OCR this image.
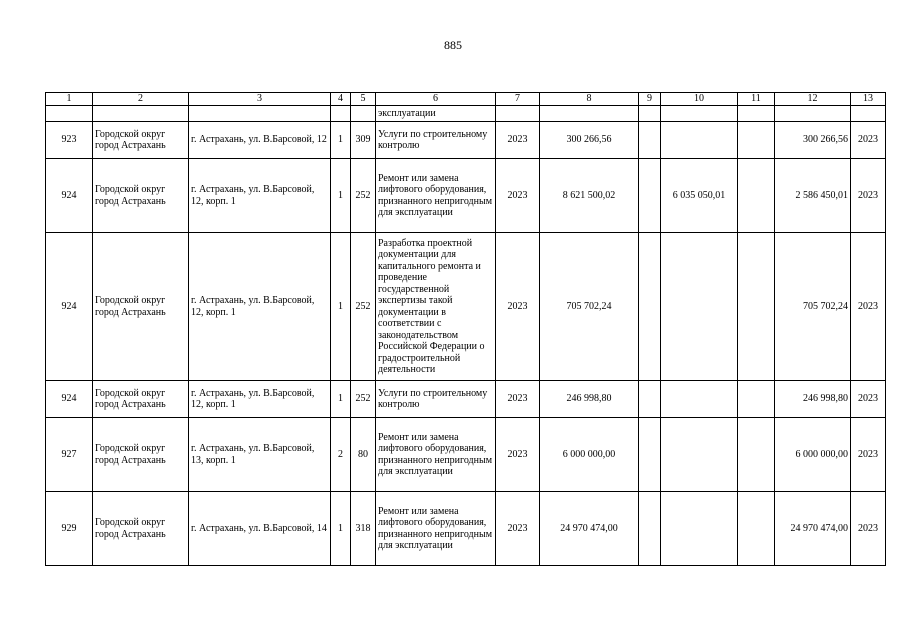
885
1	2	3	4	5	6	7	8	9	10	11	12	13
					эксплуатации							
923	Городской округ город Астрахань	г. Астрахань, ул. В.Барсовой, 12	1	309	Услуги по строительному контролю	2023	300 266,56				300 266,56	2023
924	Городской округ город Астрахань	г. Астрахань, ул. В.Барсовой, 12, корп. 1	1	252	Ремонт или замена лифтового оборудования, признанного непригодным для эксплуатации	2023	8 621 500,02		6 035 050,01		2 586 450,01	2023
924	Городской округ город Астрахань	г. Астрахань, ул. В.Барсовой, 12, корп. 1	1	252	Разработка проектной документации для капитального ремонта и проведение государственной экспертизы такой документации в соответствии с законодательством Российской Федерации о градостроительной деятельности	2023	705 702,24				705 702,24	2023
924	Городской округ город Астрахань	г. Астрахань, ул. В.Барсовой, 12, корп. 1	1	252	Услуги по строительному контролю	2023	246 998,80				246 998,80	2023
927	Городской округ город Астрахань	г. Астрахань, ул. В.Барсовой, 13, корп. 1	2	80	Ремонт или замена лифтового оборудования, признанного непригодным для эксплуатации	2023	6 000 000,00				6 000 000,00	2023
929	Городской округ город Астрахань	г. Астрахань, ул. В.Барсовой, 14	1	318	Ремонт или замена лифтового оборудования, признанного непригодным для эксплуатации	2023	24 970 474,00				24 970 474,00	2023
